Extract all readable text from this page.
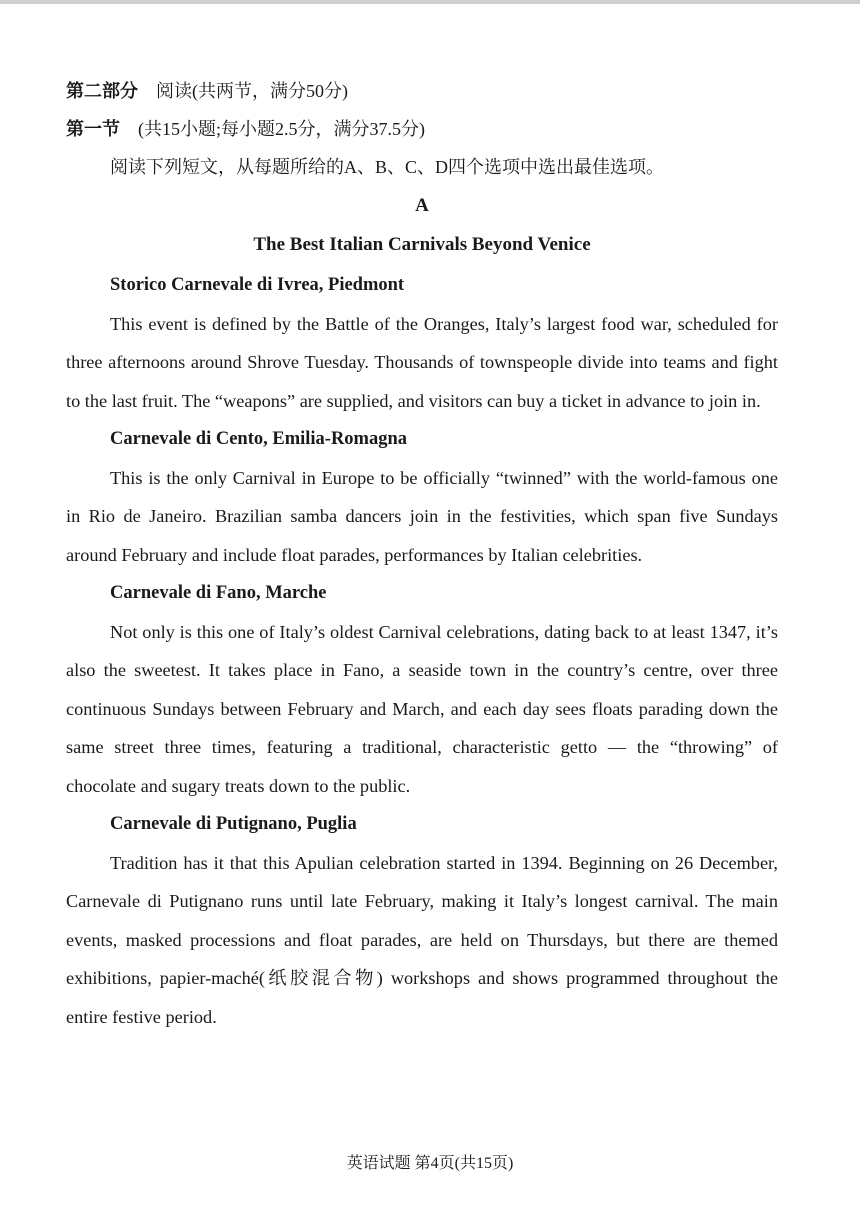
第二部分 阅读(共两节，满分50分)
第一节 (共15小题;每小题2.5分，满分37.5分)
阅读下列短文，从每题所给的A、B、C、D四个选项中选出最佳选项。
A
The Best Italian Carnivals Beyond Venice
Storico Carnevale di Ivrea, Piedmont

This event is defined by the Battle of the Oranges, Italy’s largest food war, scheduled for three afternoons around Shrove Tuesday. Thousands of townspeople divide into teams and fight to the last fruit. The “weapons” are supplied, and visitors can buy a ticket in advance to join in.

Carnevale di Cento, Emilia-Romagna

This is the only Carnival in Europe to be officially “twinned” with the world-famous one in Rio de Janeiro. Brazilian samba dancers join in the festivities, which span five Sundays around February and include float parades, performances by Italian celebrities.

Carnevale di Fano, Marche

Not only is this one of Italy’s oldest Carnival celebrations, dating back to at least 1347, it’s also the sweetest. It takes place in Fano, a seaside town in the country’s centre, over three continuous Sundays between February and March, and each day sees floats parading down the same street three times, featuring a traditional, characteristic getto — the “throwing” of chocolate and sugary treats down to the public.

Carnevale di Putignano, Puglia

Tradition has it that this Apulian celebration started in 1394. Beginning on 26 December, Carnevale di Putignano runs until late February, making it Italy’s longest carnival. The main events, masked processions and float parades, are held on Thursdays, but there are themed exhibitions, papier-maché(纸胶混合物) workshops and shows programmed throughout the entire festive period.

英语试题 第4页(共15页)
